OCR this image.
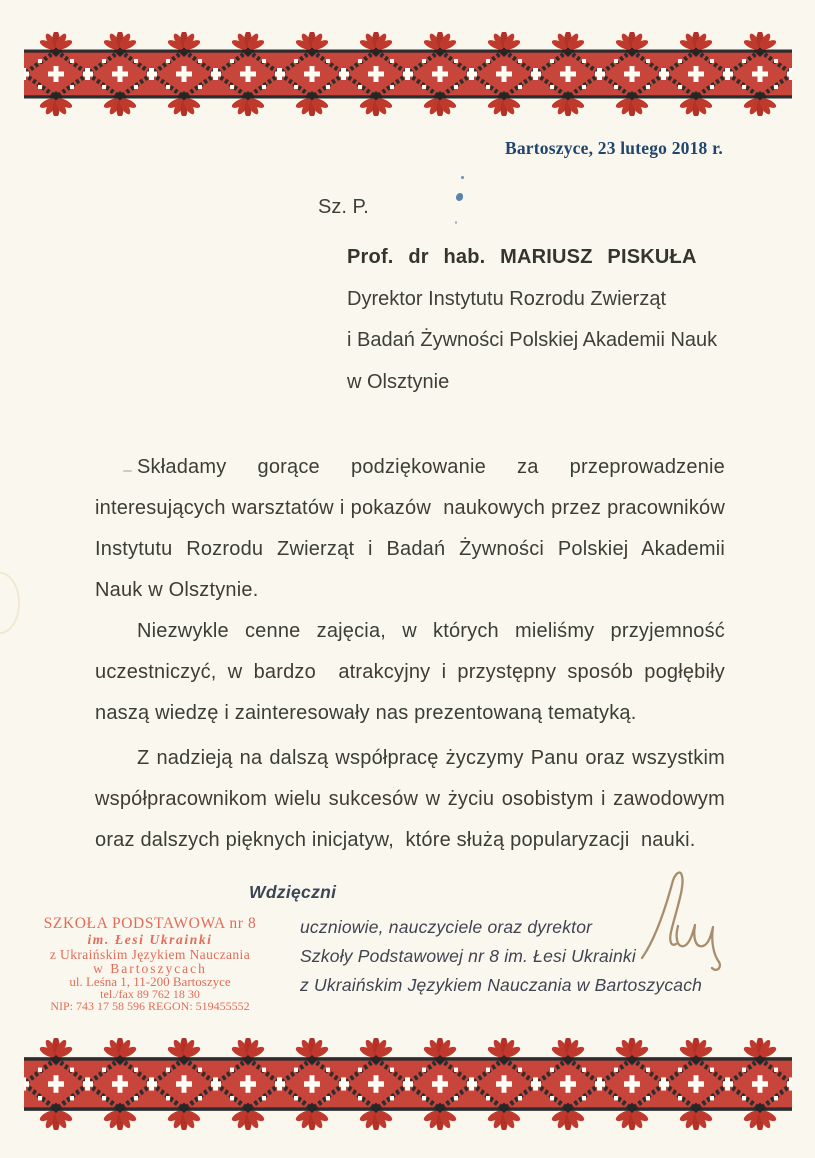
Bartoszyce, 23 lutego 2018 r.
Sz. P.
Prof. dr hab. MARIUSZ PISKUŁA
Dyrektor Instytutu Rozrodu Zwierząt
i Badań Żywności Polskiej Akademii Nauk
w Olsztynie
Składamy gorące podziękowanie za przeprowadzenie
interesujących warsztatów i pokazów  naukowych przez pracowników
Instytutu Rozrodu Zwierząt i Badań Żywności Polskiej Akademii
Nauk w Olsztynie.
Niezwykle cenne zajęcia, w których mieliśmy przyjemność
uczestniczyć, w bardzo  atrakcyjny i przystępny sposób pogłębiły
naszą wiedzę i zainteresowały nas prezentowaną tematyką.
Z nadzieją na dalszą współpracę życzymy Panu oraz wszystkim
współpracownikom wielu sukcesów w życiu osobistym i zawodowym
oraz dalszych pięknych inicjatyw,  które służą popularyzacji  nauki.
Wdzięczni
uczniowie, nauczyciele oraz dyrektor
Szkoły Podstawowej nr 8 im. Łesi Ukrainki
z Ukraińskim Językiem Nauczania w Bartoszycach
SZKOŁA PODSTAWOWA nr 8
im. Łesi Ukrainki
z Ukraińskim Językiem Nauczania
w Bartoszycach
ul. Leśna 1, 11-200 Bartoszyce
tel./fax 89 762 18 30
NIP: 743 17 58 596 REGON: 519455552
